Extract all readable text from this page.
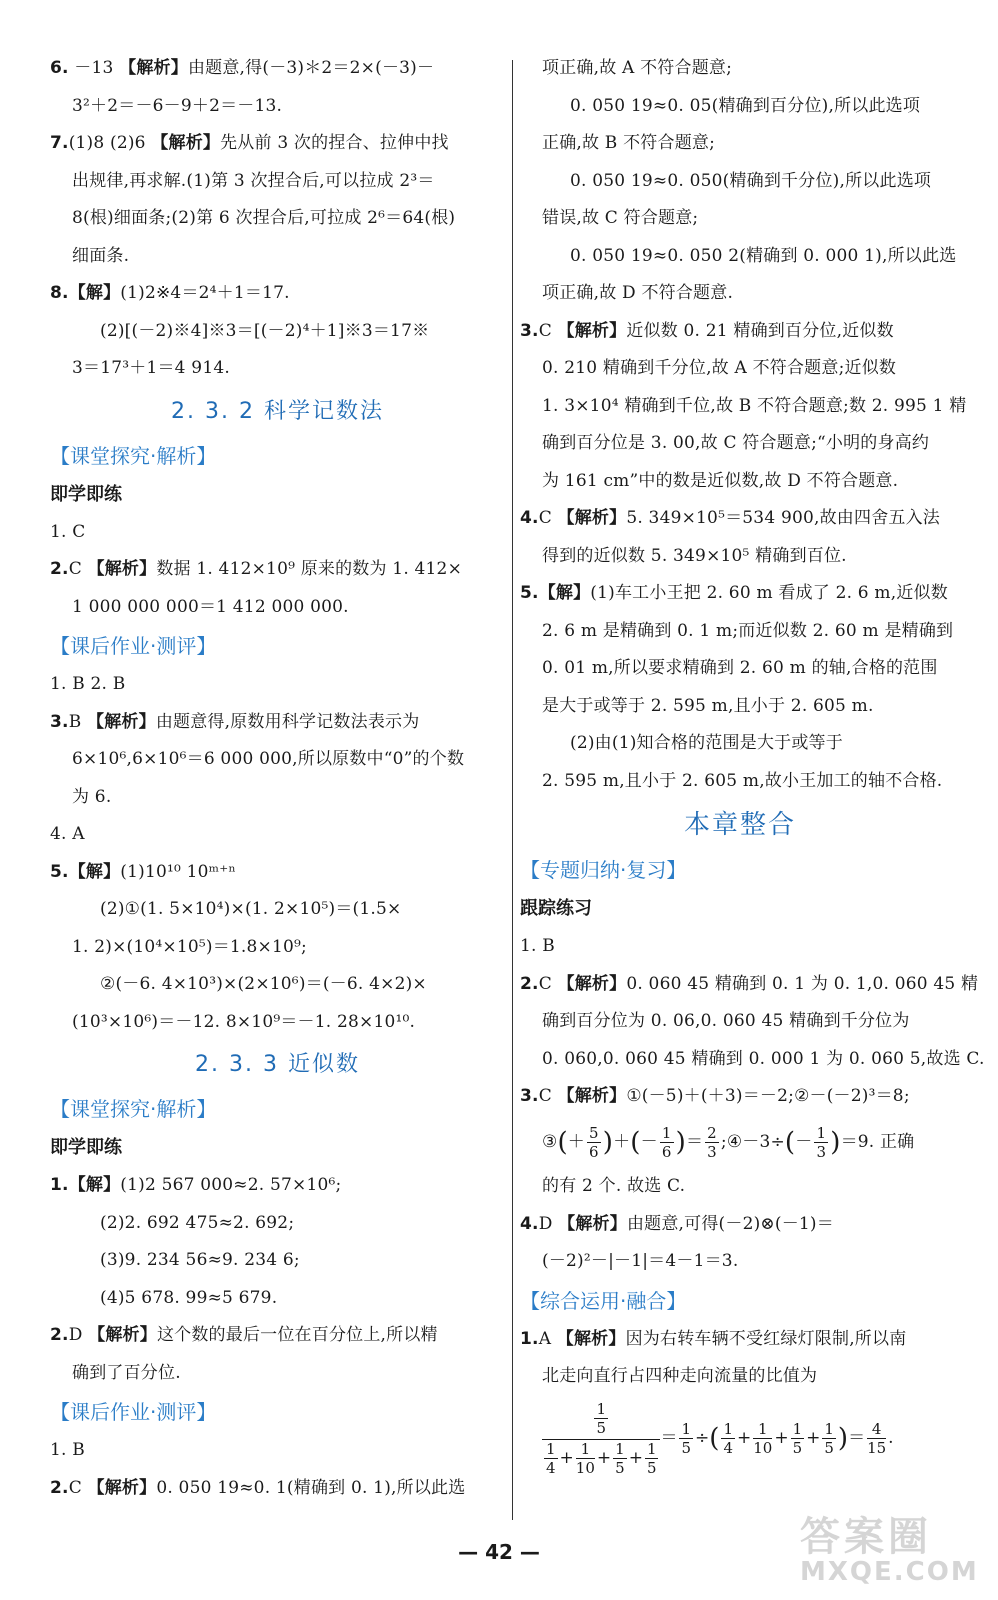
6. －13 【解析】由题意,得(－3)＊2＝2×(－3)－
3²＋2＝－6－9＋2＝－13.
7.(1)8 (2)6 【解析】先从前 3 次的捏合、拉伸中找
出规律,再求解.(1)第 3 次捏合后,可以拉成 2³＝
8(根)细面条;(2)第 6 次捏合后,可拉成 2⁶＝64(根)
细面条.
8.【解】(1)2※4＝2⁴＋1＝17.
(2)[(－2)※4]※3＝[(－2)⁴＋1]※3＝17※
3＝17³＋1＝4 914.
2. 3. 2 科学记数法
【课堂探究·解析】
即学即练
1. C
2.C 【解析】数据 1. 412×10⁹ 原来的数为 1. 412×
1 000 000 000＝1 412 000 000.
【课后作业·测评】
1. B 2. B
3.B 【解析】由题意得,原数用科学记数法表示为
6×10⁶,6×10⁶＝6 000 000,所以原数中“0”的个数
为 6.
4. A
5.【解】(1)10¹⁰ 10ᵐ⁺ⁿ
(2)①(1. 5×10⁴)×(1. 2×10⁵)＝(1.5×
1. 2)×(10⁴×10⁵)＝1.8×10⁹;
②(－6. 4×10³)×(2×10⁶)＝(－6. 4×2)×
(10³×10⁶)＝－12. 8×10⁹＝－1. 28×10¹⁰.
2. 3. 3 近似数
【课堂探究·解析】
即学即练
1.【解】(1)2 567 000≈2. 57×10⁶;
(2)2. 692 475≈2. 692;
(3)9. 234 56≈9. 234 6;
(4)5 678. 99≈5 679.
2.D 【解析】这个数的最后一位在百分位上,所以精
确到了百分位.
【课后作业·测评】
1. B
2.C 【解析】0. 050 19≈0. 1(精确到 0. 1),所以此选
项正确,故 A 不符合题意;
0. 050 19≈0. 05(精确到百分位),所以此选项
正确,故 B 不符合题意;
0. 050 19≈0. 050(精确到千分位),所以此选项
错误,故 C 符合题意;
0. 050 19≈0. 050 2(精确到 0. 000 1),所以此选
项正确,故 D 不符合题意.
3.C 【解析】近似数 0. 21 精确到百分位,近似数
0. 210 精确到千分位,故 A 不符合题意;近似数
1. 3×10⁴ 精确到千位,故 B 不符合题意;数 2. 995 1 精
确到百分位是 3. 00,故 C 符合题意;“小明的身高约
为 161 cm”中的数是近似数,故 D 不符合题意.
4.C 【解析】5. 349×10⁵＝534 900,故由四舍五入法
得到的近似数 5. 349×10⁵ 精确到百位.
5.【解】(1)车工小王把 2. 60 m 看成了 2. 6 m,近似数
2. 6 m 是精确到 0. 1 m;而近似数 2. 60 m 是精确到
0. 01 m,所以要求精确到 2. 60 m 的轴,合格的范围
是大于或等于 2. 595 m,且小于 2. 605 m.
(2)由(1)知合格的范围是大于或等于
2. 595 m,且小于 2. 605 m,故小王加工的轴不合格.
本章整合
【专题归纳·复习】
跟踪练习
1. B
2.C 【解析】0. 060 45 精确到 0. 1 为 0. 1,0. 060 45 精
确到百分位为 0. 06,0. 060 45 精确到千分位为
0. 060,0. 060 45 精确到 0. 000 1 为 0. 060 5,故选 C.
3.C 【解析】①(－5)＋(＋3)＝－2;②－(－2)³＝8;
③(＋ $\frac{5}{6}$ )＋(－ $\frac{1}{6}$ )＝ $\frac{2}{3}$ ;④－3÷(－ $\frac{1}{3} )=9$. 正确
的有 2 个. 故选 C.
4.D 【解析】由题意,可得(－2)⊗(－1)＝
(－2)²－|－1|＝4－1＝3.
【综合运用·融合】
1.A 【解析】因为右转车辆不受红绿灯限制,所以南
北走向直行占四种走向流量的比值为
$\frac{\frac{1}{5}}{\frac{1}{4} + \frac{1}{10} + \frac{1}{5} + \frac{1}{5}} = \frac{1}{5}$ ÷( $\frac{1}{4} + \frac{1}{10} + \frac{1}{5} + \frac{1}{5}$ )＝ $\frac{4}{15}$ .
— 42 —	答案圈
MXQE.COM
